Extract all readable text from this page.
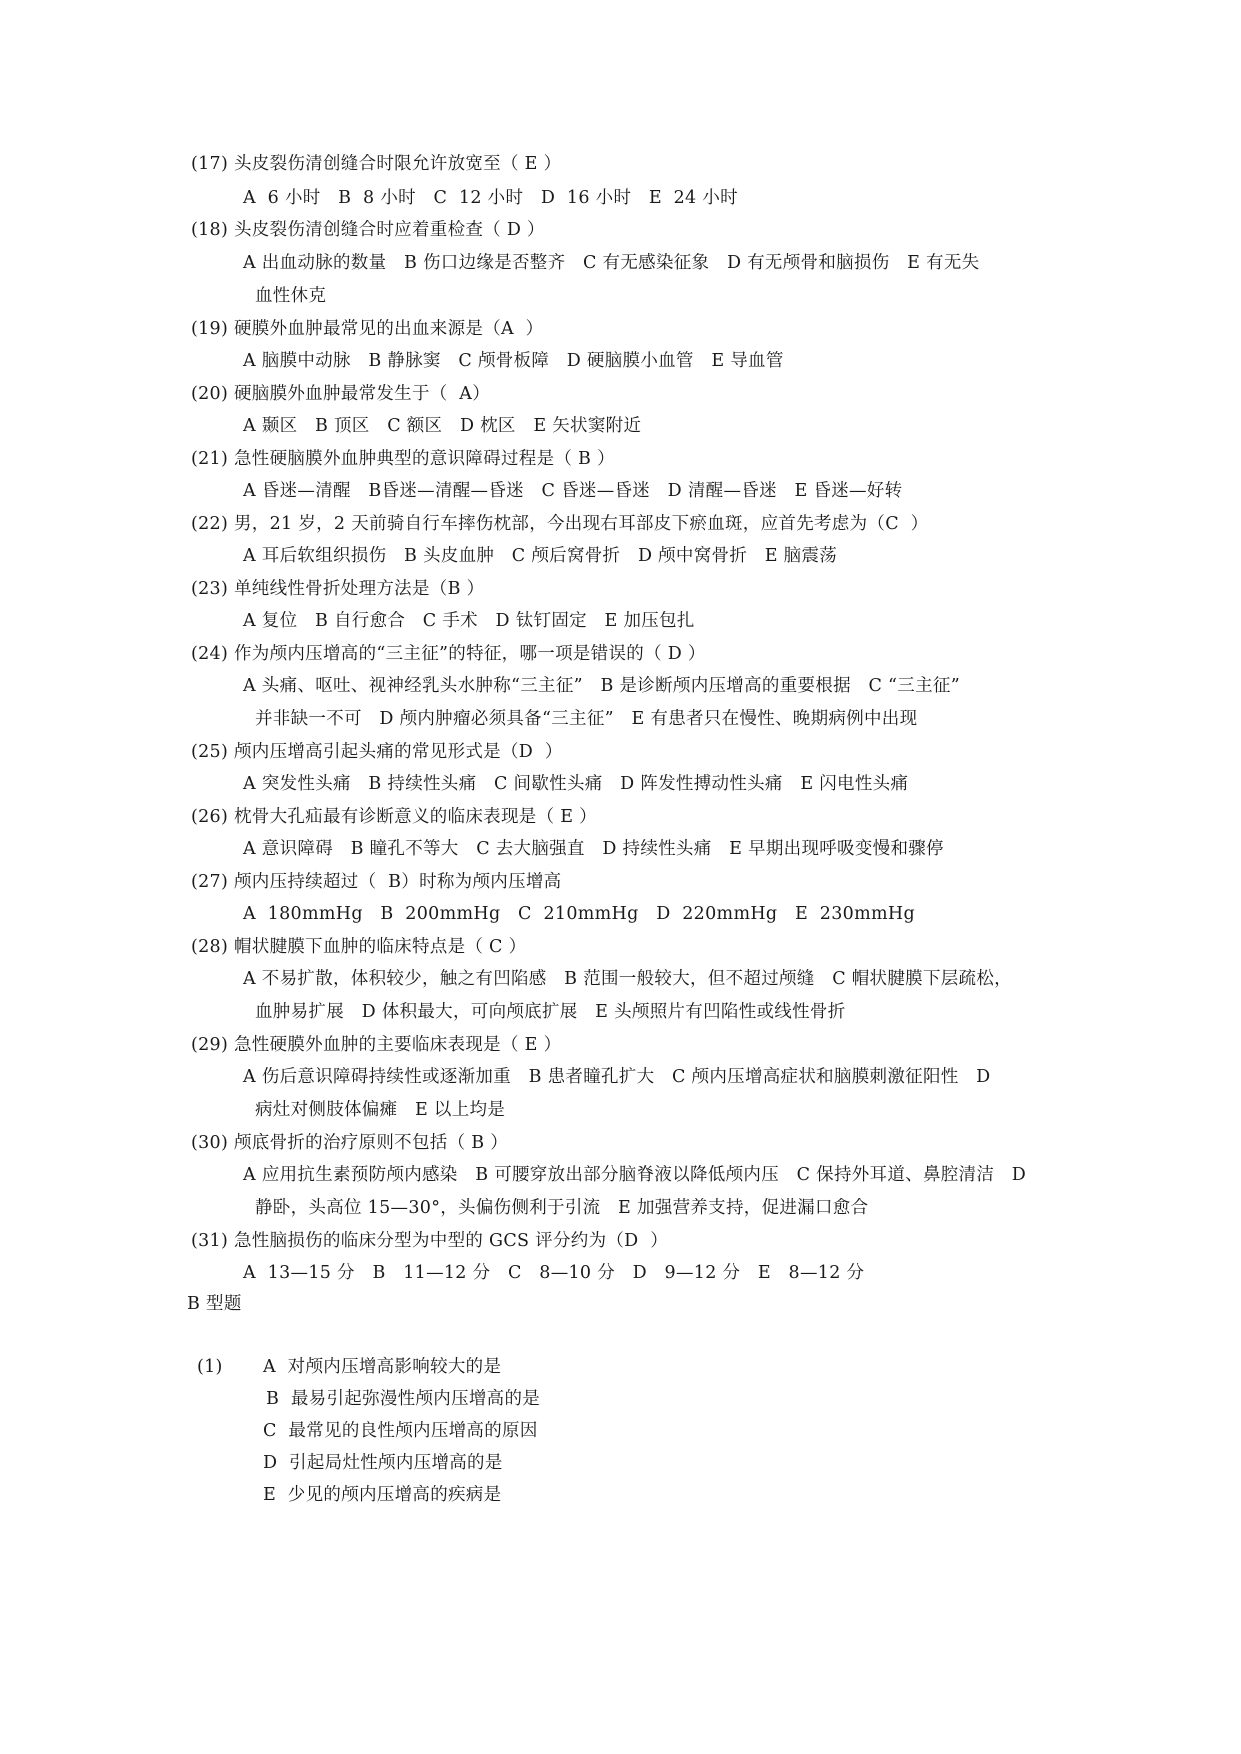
(17) 头皮裂伤清创缝合时限允许放宽至（ E ）
A  6 小时   B  8 小时   C  12 小时   D  16 小时   E  24 小时
(18) 头皮裂伤清创缝合时应着重检查（ D ）
A 出血动脉的数量   B 伤口边缘是否整齐   C 有无感染征象   D 有无颅骨和脑损伤   E 有无失
血性休克
(19) 硬膜外血肿最常见的出血来源是（A  ）
A 脑膜中动脉   B 静脉窦   C 颅骨板障   D 硬脑膜小血管   E 导血管
(20) 硬脑膜外血肿最常发生于（  A）
A 颞区   B 顶区   C 额区   D 枕区   E 矢状窦附近
(21) 急性硬脑膜外血肿典型的意识障碍过程是（ B ）
A 昏迷—清醒   B昏迷—清醒—昏迷   C 昏迷—昏迷   D 清醒—昏迷   E 昏迷—好转
(22) 男，21 岁，2 天前骑自行车摔伤枕部，今出现右耳部皮下瘀血斑，应首先考虑为（C  ）
A 耳后软组织损伤   B 头皮血肿   C 颅后窝骨折   D 颅中窝骨折   E 脑震荡
(23) 单纯线性骨折处理方法是（B ）
A 复位   B 自行愈合   C 手术   D 钛钉固定   E 加压包扎
(24) 作为颅内压增高的“三主征”的特征，哪一项是错误的（ D ）
A 头痛、呕吐、视神经乳头水肿称“三主征”   B 是诊断颅内压增高的重要根据   C “三主征”
并非缺一不可   D 颅内肿瘤必须具备“三主征”   E 有患者只在慢性、晚期病例中出现
(25) 颅内压增高引起头痛的常见形式是（D  ）
A 突发性头痛   B 持续性头痛   C 间歇性头痛   D 阵发性搏动性头痛   E 闪电性头痛
(26) 枕骨大孔疝最有诊断意义的临床表现是（ E ）
A 意识障碍   B 瞳孔不等大   C 去大脑强直   D 持续性头痛   E 早期出现呼吸变慢和骤停
(27) 颅内压持续超过（  B）时称为颅内压增高
A  180mmHg   B  200mmHg   C  210mmHg   D  220mmHg   E  230mmHg
(28) 帽状腱膜下血肿的临床特点是（ C ）
A 不易扩散，体积较少，触之有凹陷感   B 范围一般较大，但不超过颅缝   C 帽状腱膜下层疏松，
血肿易扩展   D 体积最大，可向颅底扩展   E 头颅照片有凹陷性或线性骨折
(29) 急性硬膜外血肿的主要临床表现是（ E ）
A 伤后意识障碍持续性或逐渐加重   B 患者瞳孔扩大   C 颅内压增高症状和脑膜刺激征阳性   D
病灶对侧肢体偏瘫   E 以上均是
(30) 颅底骨折的治疗原则不包括（ B ）
A 应用抗生素预防颅内感染   B 可腰穿放出部分脑脊液以降低颅内压   C 保持外耳道、鼻腔清洁   D
静卧，头高位 15—30°，头偏伤侧利于引流   E 加强营养支持，促进漏口愈合
(31) 急性脑损伤的临床分型为中型的 GCS 评分约为（D  ）
A  13—15 分   B   11—12 分   C   8—10 分   D   9—12 分   E   8—12 分
B 型题
(1) A  对颅内压增高影响较大的是
B  最易引起弥漫性颅内压增高的是
C  最常见的良性颅内压增高的原因
D  引起局灶性颅内压增高的是
E  少见的颅内压增高的疾病是
